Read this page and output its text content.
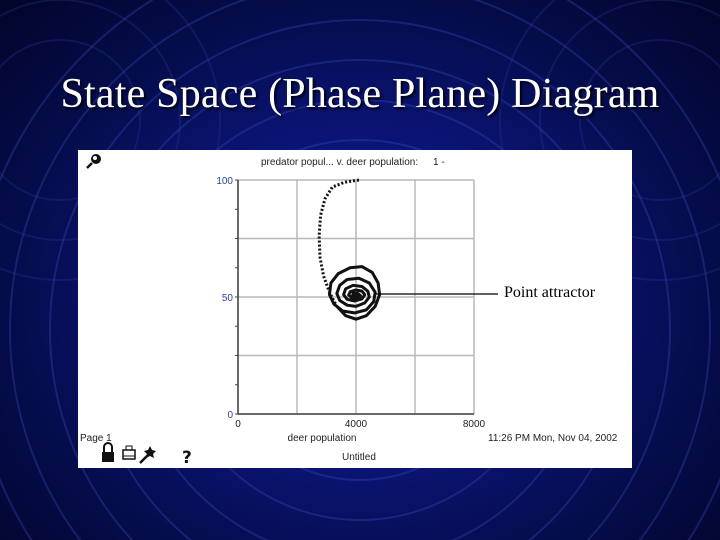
State Space (Phase Plane) Diagram
predator popul... v. deer population: 1 -
0	4000	8000
0
50
100
deer population
Page 1	11:26 PM Mon, Nov 04, 2002
Untitled
?
Point attractor
